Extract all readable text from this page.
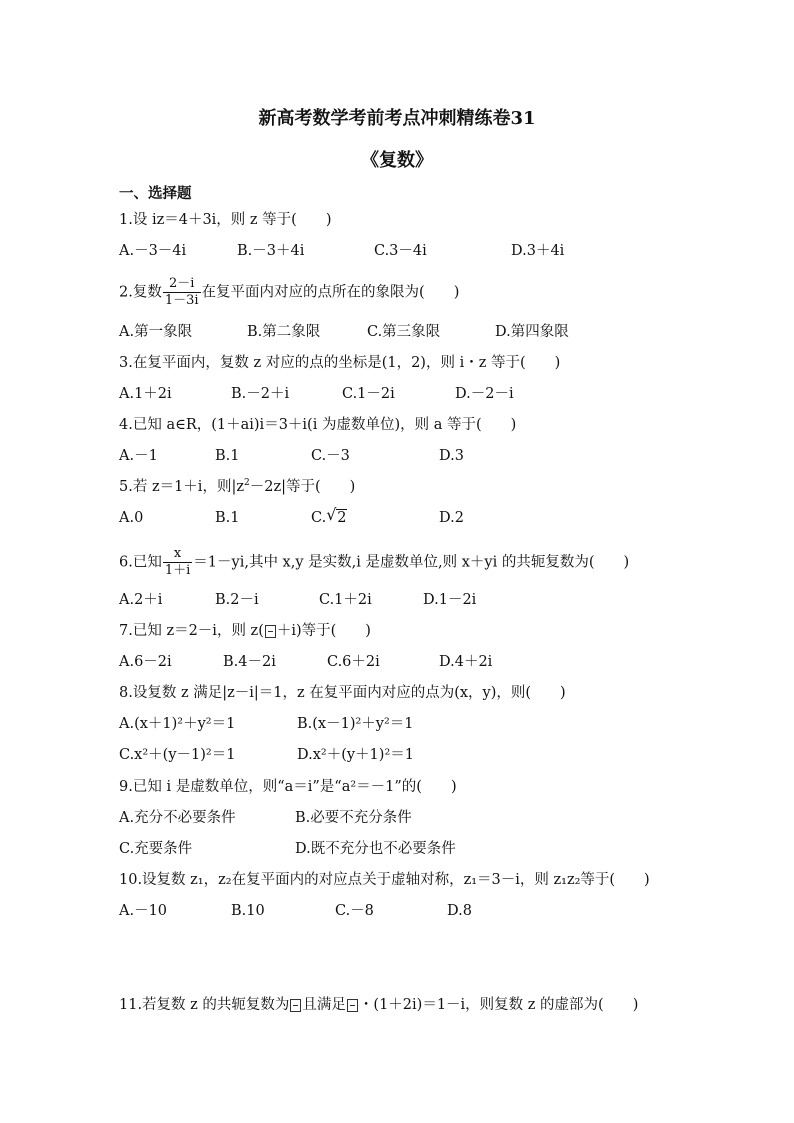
新高考数学考前考点冲刺精练卷31
《复数》
一、选择题
1.设 iz＝4＋3i，则 z 等于(　　)
A.－3－4i	B.－3＋4i	C.3－4i	D.3＋4i
2.复数 $\frac{2-i}{1-3i}$ 在复平面内对应的点所在的象限为(　　)
A.第一象限	B.第二象限	C.第三象限	D.第四象限
3.在复平面内，复数 z 对应的点的坐标是(1，2)，则 i・z 等于(　　)
A.1＋2i	B.－2＋i	C.1－2i	D.－2－i
4.已知 a∈R，(1＋ai)i＝3＋i(i 为虚数单位)，则 a 等于(　　)
A.－1	B.1	C.－3	D.3
5.若 z＝1＋i，则$|z^2-2z|$等于(　　)
A.0	B.1	C. √ 2	D.2
6.已知 $\frac{x}{1+i} =1-yi$,其中 x,y 是实数,i 是虚数单位,则 x＋yi 的共轭复数为(　　)
A.2＋i	B.2－i	C.1＋2i	D.1－2i
7.已知 z＝2－i，则 z( ＋i)等于(　　)
A.6－2i	B.4－2i	C.6＋2i	D.4＋2i
8.设复数 z 满足|z－i|＝1，z 在复平面内对应的点为(x，y)，则(　　)
A.(x＋1)²＋y²＝1	B.(x－1)²＋y²＝1
C.x²＋(y－1)²＝1	D.x²＋(y＋1)²＝1
9.已知 i 是虚数单位，则“a＝i”是“a²＝－1”的(　　)
A.充分不必要条件	B.必要不充分条件
C.充要条件	D.既不充分也不必要条件
10.设复数 z₁，z₂在复平面内的对应点关于虚轴对称，z₁＝3－i，则 z₁z₂等于(　　)
A.－10	B.10	C.－8	D.8
11.若复数 z 的共轭复数为 且满足 ・(1＋2i)＝1－i，则复数 z 的虚部为(　　)
